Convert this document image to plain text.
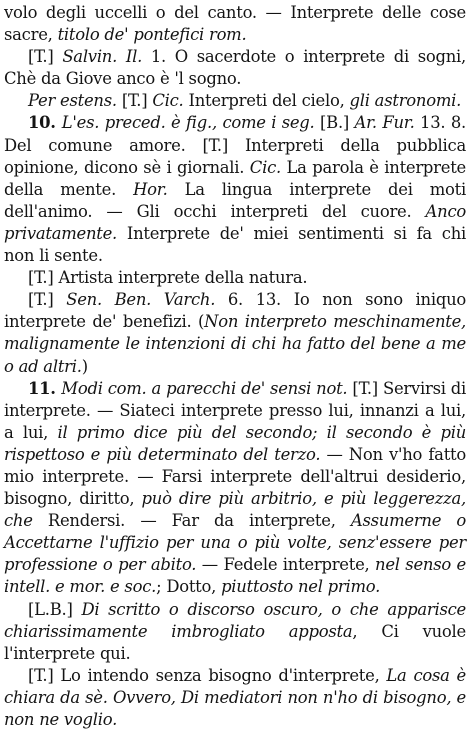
volo degli uccelli o del canto. — Interprete delle cose sacre, titolo de' pontefici rom.

[T.] Salvin. Il. 1. O sacerdote o interprete di sogni, Chè da Giove anco è 'l sogno.

Per estens. [T.] Cic. Interpreti del cielo, gli astronomi.

10. L'es. preced. è fig., come i seg. [B.] Ar. Fur. 13. 8. Del comune amore. [T.] Interpreti della pubblica opinione, dicono sè i giornali. Cic. La parola è interprete della mente. Hor. La lingua interprete dei moti dell'animo. — Gli occhi interpreti del cuore. Anco privatamente. Interprete de' miei sentimenti si fa chi non li sente.

[T.] Artista interprete della natura.

[T.] Sen. Ben. Varch. 6. 13. Io non sono iniquo interprete de' benefizi. (Non interpreto meschinamente, malignamente le intenzioni di chi ha fatto del bene a me o ad altri.)

11. Modi com. a parecchi de' sensi not. [T.] Servirsi di interprete. — Siateci interprete presso lui, innanzi a lui, a lui, il primo dice più del secondo; il secondo è più rispettoso e più determinato del terzo. — Non v'ho fatto mio interprete. — Farsi interprete dell'altrui desiderio, bisogno, diritto, può dire più arbitrio, e più leggerezza, che Rendersi. — Far da interprete, Assumerne o Accettarne l'uffizio per una o più volte, senz'essere per professione o per abito. — Fedele interprete, nel senso e intell. e mor. e soc.; Dotto, piuttosto nel primo.

[L.B.] Di scritto o discorso oscuro, o che apparisce chiarissimamente imbrogliato apposta, Ci vuole l'interprete qui.

[T.] Lo intendo senza bisogno d'interprete, La cosa è chiara da sè. Ovvero, Di mediatori non n'ho di bisogno, e non ne voglio.
